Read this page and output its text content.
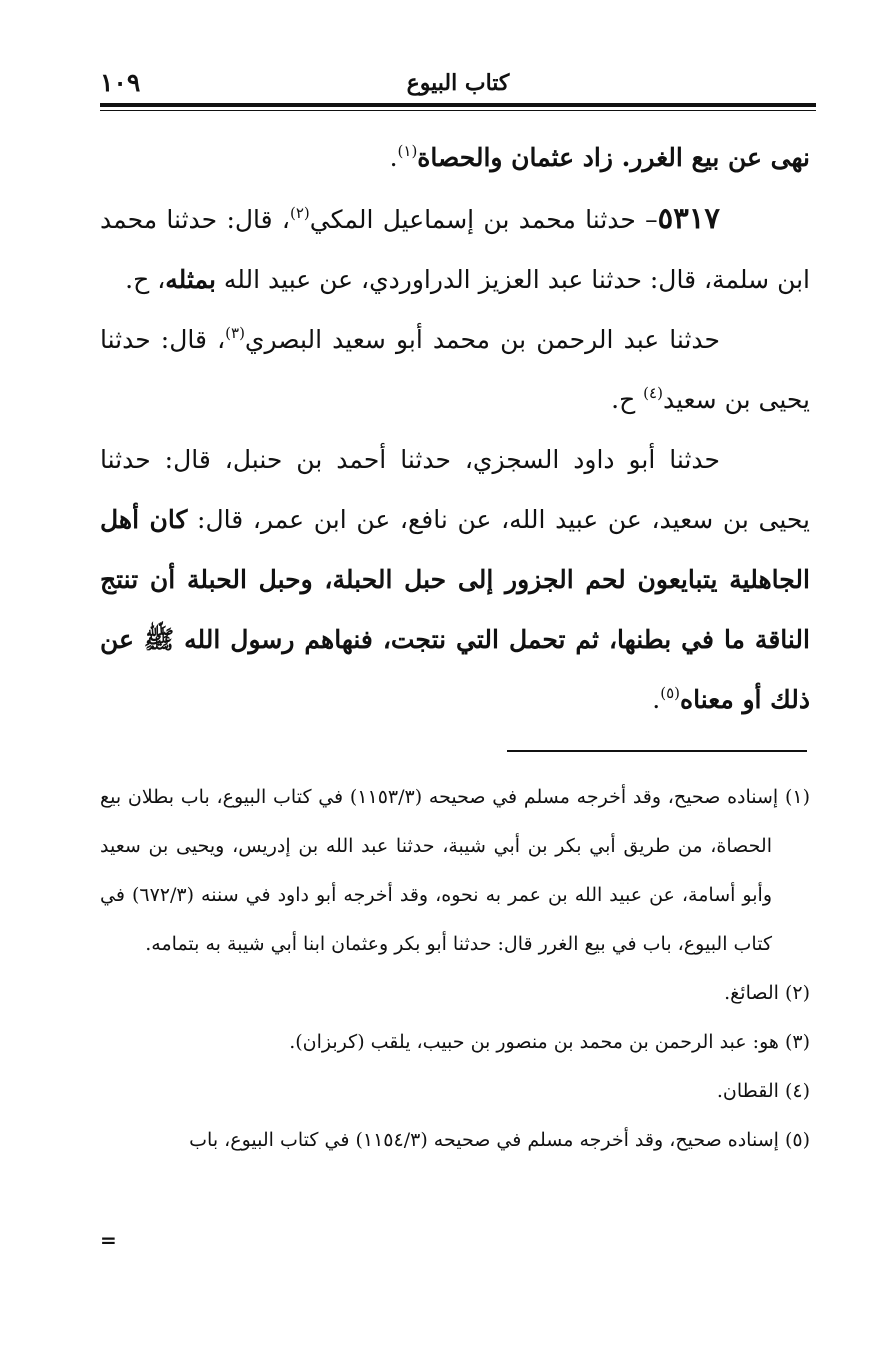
كتاب البيوع
١٠٩

نهى عن بيع الغرر. زاد عثمان والحصاة$^{(١)}$.

٥٣١٧– حدثنا محمد بن إسماعيل المكي$^{(٢)}$، قال: حدثنا محمد ابن سلمة، قال: حدثنا عبد العزيز الدراوردي، عن عبيد الله بمثله، ح.

حدثنا عبد الرحمن بن محمد أبو سعيد البصري$^{(٣)}$، قال: حدثنا يحيى بن سعيد$^{(٤)}$ ح.

حدثنا أبو داود السجزي، حدثنا أحمد بن حنبل، قال: حدثنا يحيى بن سعيد، عن عبيد الله، عن نافع، عن ابن عمر، قال: كان أهل الجاهلية يتبايعون لحم الجزور إلى حبل الحبلة، وحبل الحبلة أن تنتج الناقة ما في بطنها، ثم تحمل التي نتجت، فنهاهم رسول الله ﷺ عن ذلك أو معناه$^{(٥)}$.

(١) إسناده صحيح، وقد أخرجه مسلم في صحيحه (١١٥٣/٣) في كتاب البيوع، باب بطلان بيع الحصاة، من طريق أبي بكر بن أبي شيبة، حدثنا عبد الله بن إدريس، ويحيى بن سعيد وأبو أسامة، عن عبيد الله بن عمر به نحوه، وقد أخرجه أبو داود في سننه (٦٧٢/٣) في كتاب البيوع، باب في بيع الغرر قال: حدثنا أبو بكر وعثمان ابنا أبي شيبة به بتمامه.

(٢) الصائغ.

(٣) هو: عبد الرحمن بن محمد بن منصور بن حبيب، يلقب (كربزان).

(٤) القطان.

(٥) إسناده صحيح، وقد أخرجه مسلم في صحيحه (١١٥٤/٣) في كتاب البيوع، باب

=
